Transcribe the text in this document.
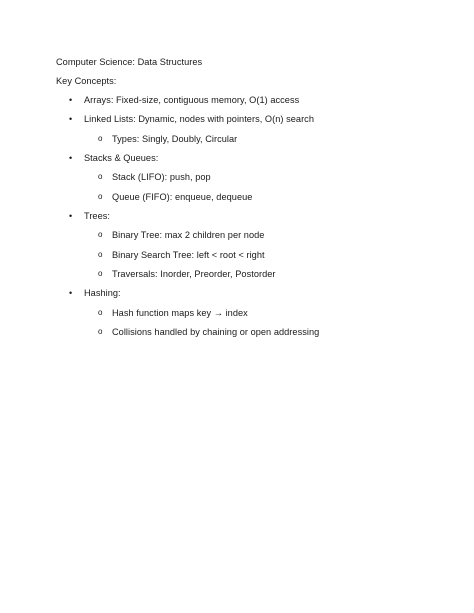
Computer Science: Data Structures
Key Concepts:
• Arrays: Fixed-size, contiguous memory, O(1) access
• Linked Lists: Dynamic, nodes with pointers, O(n) search
o Types: Singly, Doubly, Circular
• Stacks & Queues:
o Stack (LIFO): push, pop
o Queue (FIFO): enqueue, dequeue
• Trees:
o Binary Tree: max 2 children per node
o Binary Search Tree: left < root < right
o Traversals: Inorder, Preorder, Postorder
• Hashing:
o Hash function maps key → index
o Collisions handled by chaining or open addressing
